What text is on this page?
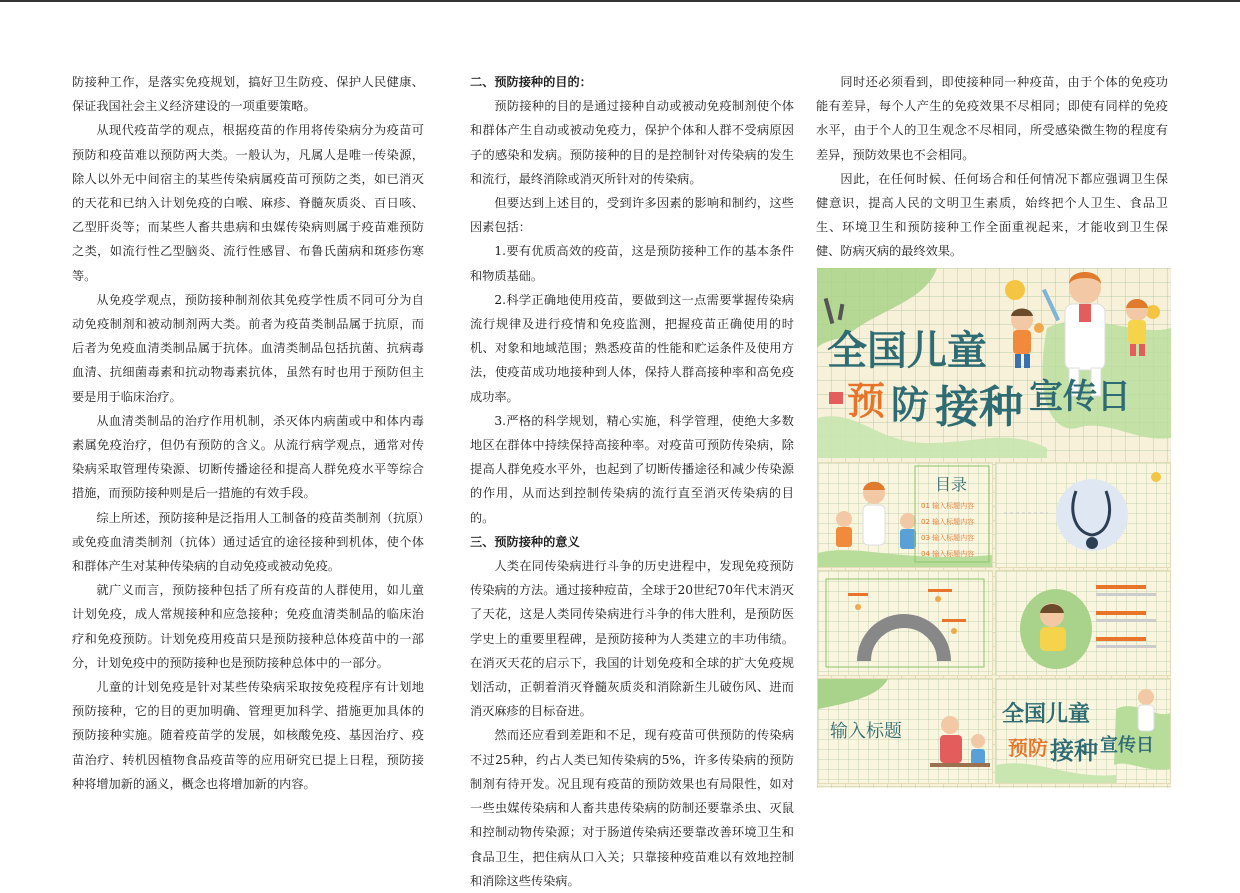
防接种工作，是落实免疫规划，搞好卫生防疫、保护人民健康、保证我国社会主义经济建设的一项重要策略。

从现代疫苗学的观点，根据疫苗的作用将传染病分为疫苗可预防和疫苗难以预防两大类。一般认为，凡属人是唯一传染源，除人以外无中间宿主的某些传染病属疫苗可预防之类，如已消灭的天花和已纳入计划免疫的白喉、麻疹、脊髓灰质炎、百日咳、乙型肝炎等；而某些人畜共患病和虫媒传染病则属于疫苗难预防之类，如流行性乙型脑炎、流行性感冒、布鲁氏菌病和斑疹伤寒等。

从免疫学观点，预防接种制剂依其免疫学性质不同可分为自动免疫制剂和被动制剂两大类。前者为疫苗类制品属于抗原，而后者为免疫血清类制品属于抗体。血清类制品包括抗菌、抗病毒血清、抗细菌毒素和抗动物毒素抗体，虽然有时也用于预防但主要是用于临床治疗。

从血清类制品的治疗作用机制，杀灭体内病菌或中和体内毒素属免疫治疗，但仍有预防的含义。从流行病学观点，通常对传染病采取管理传染源、切断传播途径和提高人群免疫水平等综合措施，而预防接种则是后一措施的有效手段。

综上所述，预防接种是泛指用人工制备的疫苗类制剂（抗原）或免疫血清类制剂（抗体）通过适宜的途径接种到机体，使个体和群体产生对某种传染病的自动免疫或被动免疫。

就广义而言，预防接种包括了所有疫苗的人群使用，如儿童计划免疫，成人常规接种和应急接种；免疫血清类制品的临床治疗和免疫预防。计划免疫用疫苗只是预防接种总体疫苗中的一部分，计划免疫中的预防接种也是预防接种总体中的一部分。

儿童的计划免疫是针对某些传染病采取按免疫程序有计划地预防接种，它的目的更加明确、管理更加科学、措施更加具体的预防接种实施。随着疫苗学的发展，如核酸免疫、基因治疗、疫苗治疗、转机因植物食品疫苗等的应用研究已提上日程，预防接种将增加新的涵义，概念也将增加新的内容。

二、预防接种的目的：

预防接种的目的是通过接种自动或被动免疫制剂使个体和群体产生自动或被动免疫力，保护个体和人群不受病原因子的感染和发病。预防接种的目的是控制针对传染病的发生和流行，最终消除或消灭所针对的传染病。

但要达到上述目的，受到许多因素的影响和制约，这些因素包括：

1.要有优质高效的疫苗，这是预防接种工作的基本条件和物质基础。

2.科学正确地使用疫苗，要做到这一点需要掌握传染病流行规律及进行疫情和免疫监测，把握疫苗正确使用的时机、对象和地域范围；熟悉疫苗的性能和贮运条件及使用方法，使疫苗成功地接种到人体，保持人群高接种率和高免疫成功率。

3.严格的科学规划，精心实施，科学管理，使绝大多数地区在群体中持续保持高接种率。对疫苗可预防传染病，除提高人群免疫水平外，也起到了切断传播途径和减少传染源的作用，从而达到控制传染病的流行直至消灭传染病的目的。

三、预防接种的意义

人类在同传染病进行斗争的历史进程中，发现免疫预防传染病的方法。通过接种痘苗，全球于20世纪70年代末消灭了天花，这是人类同传染病进行斗争的伟大胜利，是预防医学史上的重要里程碑，是预防接种为人类建立的丰功伟绩。在消灭天花的启示下，我国的计划免疫和全球的扩大免疫规划活动，正朝着消灭脊髓灰质炎和消除新生儿破伤风、进而消灭麻疹的目标奋进。

然而还应看到差距和不足，现有疫苗可供预防的传染病不过25种，约占人类已知传染病的5%，许多传染病的预防制剂有待开发。况且现有疫苗的预防效果也有局限性，如对一些虫媒传染病和人畜共患传染病的防制还要靠杀虫、灭鼠和控制动物传染源；对于肠道传染病还要靠改善环境卫生和食品卫生，把住病从口入关；只靠接种疫苗难以有效地控制和消除这些传染病。

同时还必须看到，即使接种同一种疫苗，由于个体的免疫功能有差异，每个人产生的免疫效果不尽相同；即使有同样的免疫水平，由于个人的卫生观念不尽相同，所受感染微生物的程度有差异，预防效果也不会相同。

因此，在任何时候、任何场合和任何情况下都应强调卫生保健意识，提高人民的文明卫生素质，始终把个人卫生、食品卫生、环境卫生和预防接种工作全面重视起来，才能收到卫生保健、防病灭病的最终效果。

全国儿童
预 防 接种 宣传日
目录
01 输入标题内容
02 输入标题内容
03 输入标题内容
04 输入标题内容
输入标题
全国儿童
预防 接种 宣传日
